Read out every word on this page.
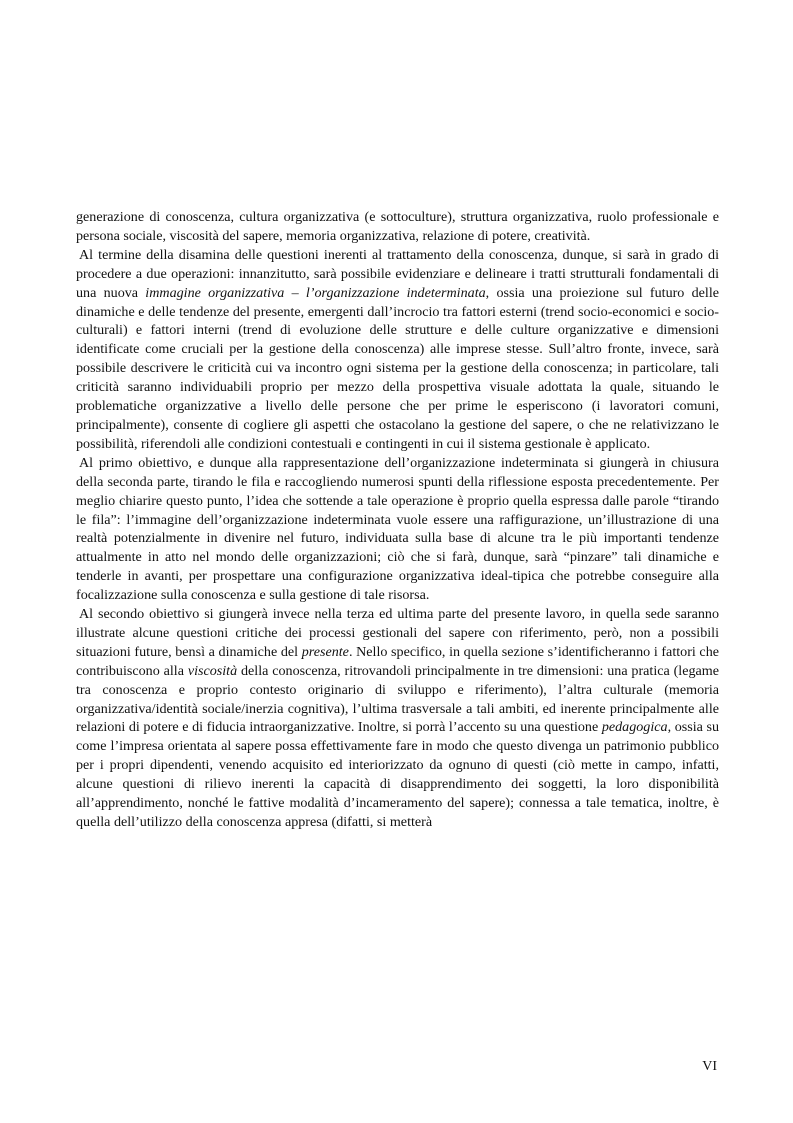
generazione di conoscenza, cultura organizzativa (e sottoculture), struttura organizzativa, ruolo professionale e persona sociale, viscosità del sapere, memoria organizzativa, relazione di potere, creatività.

Al termine della disamina delle questioni inerenti al trattamento della conoscenza, dunque, si sarà in grado di procedere a due operazioni: innanzitutto, sarà possibile evidenziare e delineare i tratti strutturali fondamentali di una nuova immagine organizzativa – l’organizzazione indeterminata, ossia una proiezione sul futuro delle dinamiche e delle tendenze del presente, emergenti dall’incrocio tra fattori esterni (trend socio-economici e socio-culturali) e fattori interni (trend di evoluzione delle strutture e delle culture organizzative e dimensioni identificate come cruciali per la gestione della conoscenza) alle imprese stesse. Sull’altro fronte, invece, sarà possibile descrivere le criticità cui va incontro ogni sistema per la gestione della conoscenza; in particolare, tali criticità saranno individuabili proprio per mezzo della prospettiva visuale adottata la quale, situando le problematiche organizzative a livello delle persone che per prime le esperiscono (i lavoratori comuni, principalmente), consente di cogliere gli aspetti che ostacolano la gestione del sapere, o che ne relativizzano le possibilità, riferendoli alle condizioni contestuali e contingenti in cui il sistema gestionale è applicato.

Al primo obiettivo, e dunque alla rappresentazione dell’organizzazione indeterminata si giungerà in chiusura della seconda parte, tirando le fila e raccogliendo numerosi spunti della riflessione esposta precedentemente. Per meglio chiarire questo punto, l’idea che sottende a tale operazione è proprio quella espressa dalle parole “tirando le fila”: l’immagine dell’organizzazione indeterminata vuole essere una raffigurazione, un’illustrazione di una realtà potenzialmente in divenire nel futuro, individuata sulla base di alcune tra le più importanti tendenze attualmente in atto nel mondo delle organizzazioni; ciò che si farà, dunque, sarà “pinzare” tali dinamiche e tenderle in avanti, per prospettare una configurazione organizzativa ideal-tipica che potrebbe conseguire alla focalizzazione sulla conoscenza e sulla gestione di tale risorsa.

Al secondo obiettivo si giungerà invece nella terza ed ultima parte del presente lavoro, in quella sede saranno illustrate alcune questioni critiche dei processi gestionali del sapere con riferimento, però, non a possibili situazioni future, bensì a dinamiche del presente. Nello specifico, in quella sezione s’identificheranno i fattori che contribuiscono alla viscosità della conoscenza, ritrovandoli principalmente in tre dimensioni: una pratica (legame tra conoscenza e proprio contesto originario di sviluppo e riferimento), l’altra culturale (memoria organizzativa/identità sociale/inerzia cognitiva), l’ultima trasversale a tali ambiti, ed inerente principalmente alle relazioni di potere e di fiducia intraorganizzative. Inoltre, si porrà l’accento su una questione pedagogica, ossia su come l’impresa orientata al sapere possa effettivamente fare in modo che questo divenga un patrimonio pubblico per i propri dipendenti, venendo acquisito ed interiorizzato da ognuno di questi (ciò mette in campo, infatti, alcune questioni di rilievo inerenti la capacità di disapprendimento dei soggetti, la loro disponibilità all’apprendimento, nonché le fattive modalità d’incameramento del sapere); connessa a tale tematica, inoltre, è quella dell’utilizzo della conoscenza appresa (difatti, si metterà

VI
